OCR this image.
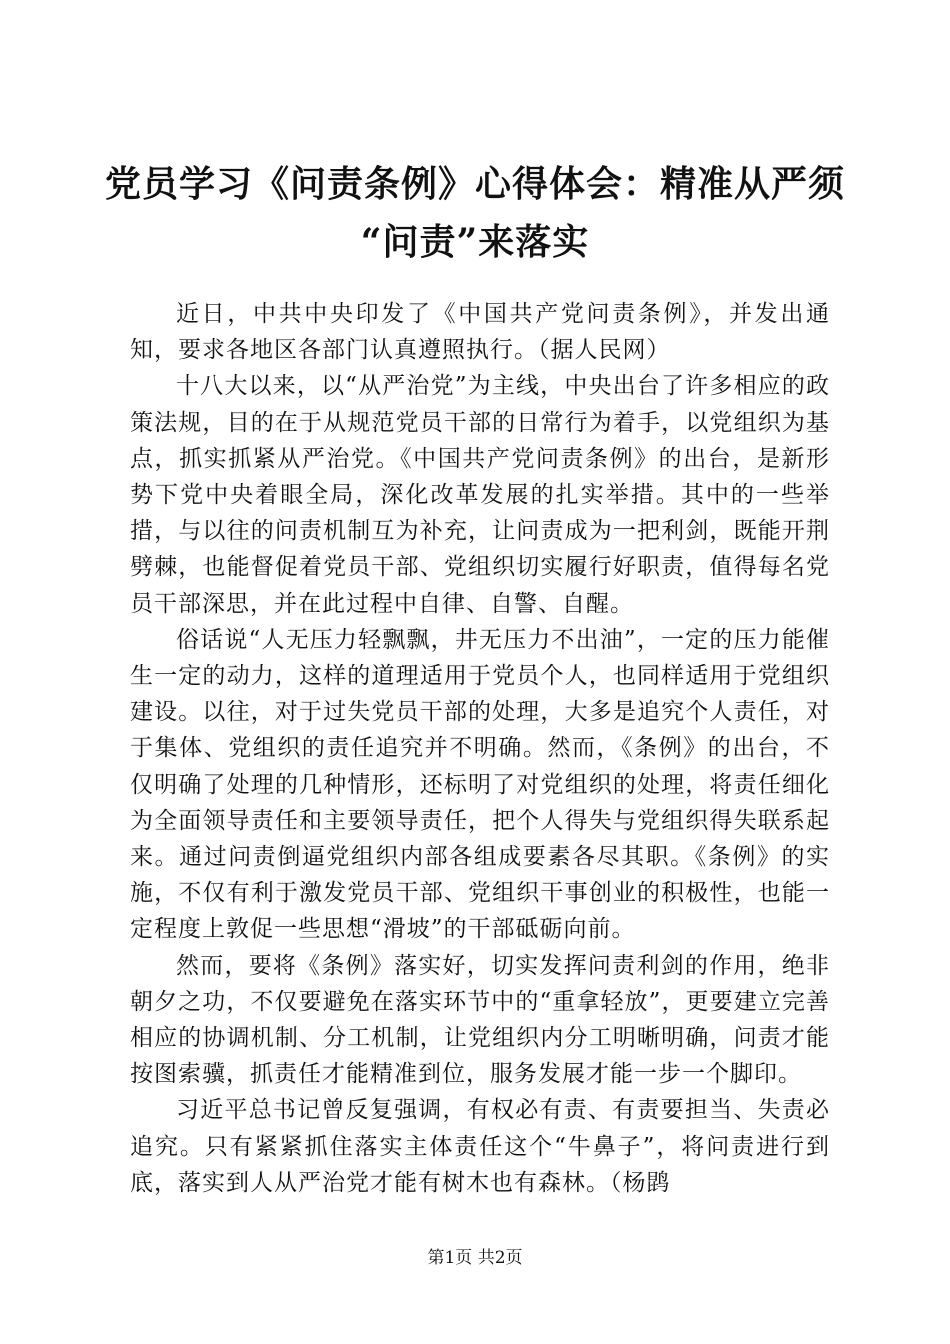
党员学习《问责条例》心得体会：精准从严须
“问责”来落实

近日，中共中央印发了《中国共产党问责条例》，并发出通知，要求各地区各部门认真遵照执行。（据人民网）

十八大以来，以“从严治党”为主线，中央出台了许多相应的政策法规，目的在于从规范党员干部的日常行为着手，以党组织为基点，抓实抓紧从严治党。《中国共产党问责条例》的出台，是新形势下党中央着眼全局，深化改革发展的扎实举措。其中的一些举措，与以往的问责机制互为补充，让问责成为一把利剑，既能开荆劈棘，也能督促着党员干部、党组织切实履行好职责，值得每名党员干部深思，并在此过程中自律、自警、自醒。

俗话说“人无压力轻飘飘，井无压力不出油”，一定的压力能催生一定的动力，这样的道理适用于党员个人，也同样适用于党组织建设。以往，对于过失党员干部的处理，大多是追究个人责任，对于集体、党组织的责任追究并不明确。然而，《条例》的出台，不仅明确了处理的几种情形，还标明了对党组织的处理，将责任细化为全面领导责任和主要领导责任，把个人得失与党组织得失联系起来。通过问责倒逼党组织内部各组成要素各尽其职。《条例》的实施，不仅有利于激发党员干部、党组织干事创业的积极性，也能一定程度上敦促一些思想“滑坡”的干部砥砺向前。

然而，要将《条例》落实好，切实发挥问责利剑的作用，绝非朝夕之功，不仅要避免在落实环节中的“重拿轻放”，更要建立完善相应的协调机制、分工机制，让党组织内分工明晰明确，问责才能按图索骥，抓责任才能精准到位，服务发展才能一步一个脚印。

习近平总书记曾反复强调，有权必有责、有责要担当、失责必追究。只有紧紧抓住落实主体责任这个“牛鼻子”，将问责进行到底，落实到人从严治党才能有树木也有森林。（杨鹍

第1页 共2页
